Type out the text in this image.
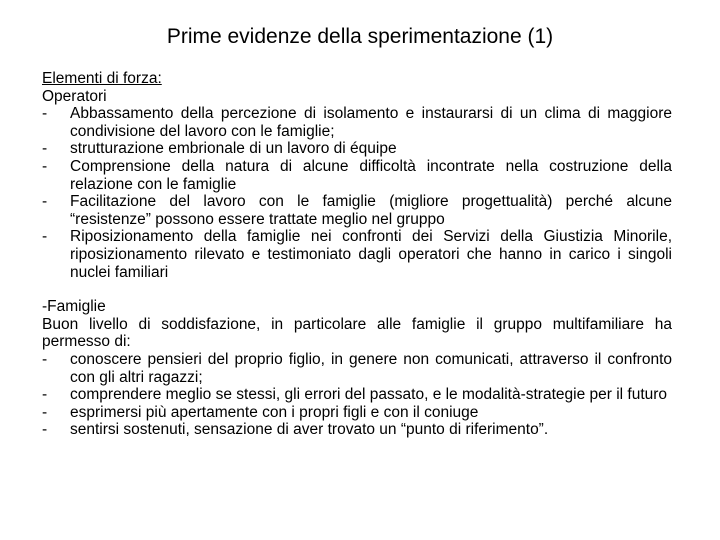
Prime evidenze della sperimentazione (1)
Elementi di forza:
Operatori
-	Abbassamento della percezione di isolamento e instaurarsi di un clima di maggiore condivisione del lavoro con le famiglie;
-	strutturazione embrionale di un lavoro di équipe
-	Comprensione della natura di alcune difficoltà incontrate nella costruzione della relazione con le famiglie
-	Facilitazione del lavoro con le famiglie (migliore progettualità) perché alcune “resistenze” possono essere trattate meglio nel gruppo
-	Riposizionamento della famiglie nei confronti dei Servizi della Giustizia Minorile, riposizionamento rilevato e testimoniato dagli operatori che hanno in carico i singoli nuclei familiari
-Famiglie
Buon livello di soddisfazione, in particolare alle famiglie il gruppo multifamiliare ha permesso di:
-	conoscere pensieri del proprio figlio, in genere non comunicati, attraverso il confronto con gli altri ragazzi;
-	comprendere meglio se stessi, gli errori del passato, e le modalità-strategie per il futuro
-	esprimersi più apertamente con i propri figli e con il coniuge
-	sentirsi sostenuti, sensazione di aver trovato un “punto di riferimento”.
